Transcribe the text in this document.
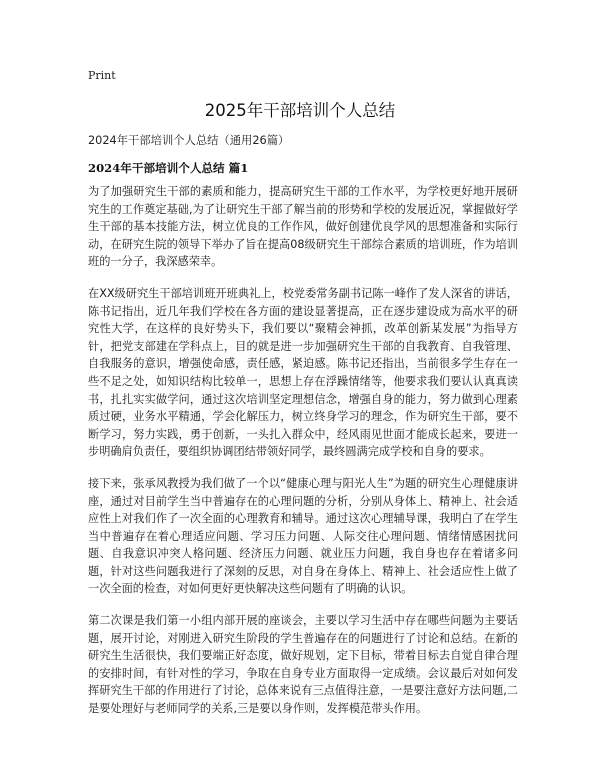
Print
2025年干部培训个人总结

2024年干部培训个人总结（通用26篇）

2024年干部培训个人总结 篇1

为了加强研究生干部的素质和能力，提高研究生干部的工作水平，为学校更好地开展研究生的工作奠定基础,为了让研究生干部了解当前的形势和学校的发展近况，掌握做好学生干部的基本技能方法，树立优良的工作作风，做好创建优良学风的思想准备和实际行动，在研究生院的领导下举办了旨在提高08级研究生干部综合素质的培训班，作为培训班的一分子，我深感荣幸。

在XX级研究生干部培训班开班典礼上，校党委常务副书记陈一峰作了发人深省的讲话，陈书记指出，近几年我们学校在各方面的建设显著提高，正在逐步建设成为高水平的研究性大学，在这样的良好势头下，我们要以“聚精会神抓，改革创新某发展”为指导方针，把党支部建在学科点上，目的就是进一步加强研究生干部的自我教育、自我管理、自我服务的意识，增强使命感，责任感，紧迫感。陈书记还指出，当前很多学生存在一些不足之处，如知识结构比较单一，思想上存在浮躁情绪等，他要求我们要认认真真读书，扎扎实实做学问，通过这次培训坚定理想信念，增强自身的能力，努力做到心理素质过硬，业务水平精通，学会化解压力，树立终身学习的理念，作为研究生干部，要不断学习，努力实践，勇于创新，一头扎入群众中，经风雨见世面才能成长起来，要进一步明确肩负责任，要组织协调团结带领好同学，最终圆满完成学校和自身的要求。

接下来，张承风教授为我们做了一个以“健康心理与阳光人生”为题的研究生心理健康讲座，通过对目前学生当中普遍存在的心理问题的分析，分别从身体上、精神上、社会适应性上对我们作了一次全面的心理教育和辅导。通过这次心理辅导课，我明白了在学生当中普遍存在着心理适应问题、学习压力问题、人际交往心理问题、情绪情感困扰问题、自我意识冲突人格问题、经济压力问题、就业压力问题，我自身也存在着诸多问题，针对这些问题我进行了深刻的反思，对自身在身体上、精神上、社会适应性上做了一次全面的检查，对如何更好更快解决这些问题有了明确的认识。

第二次课是我们第一小组内部开展的座谈会，主要以学习生活中存在哪些问题为主要话题，展开讨论，对刚进入研究生阶段的学生普遍存在的问题进行了讨论和总结。在新的研究生生活很快，我们要端正好态度，做好规划，定下目标，带着目标去自觉自律合理的安排时间，有针对性的学习，争取在自身专业方面取得一定成绩。会议最后对如何发挥研究生干部的作用进行了讨论，总体来说有三点值得注意，一是要注意好方法问题,二是要处理好与老师同学的关系,三是要以身作则，发挥模范带头作用。
